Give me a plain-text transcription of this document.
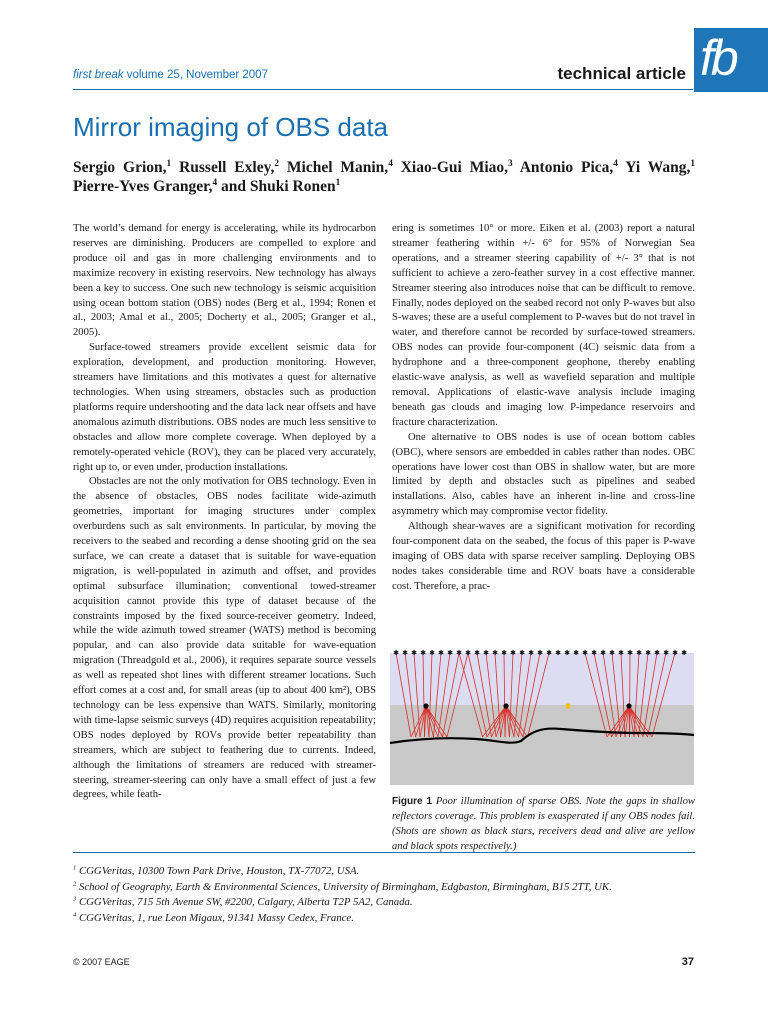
first break volume 25, November 2007	technical article fb
Mirror imaging of OBS data
Sergio Grion,$^1$ Russell Exley,$^2$ Michel Manin,$^4$ Xiao-Gui Miao,$^3$ Antonio Pica,$^4$ Yi Wang,$^1$
Pierre-Yves Granger,$^4$ and Shuki Ronen$^1$

The world’s demand for energy is accelerating, while its hydrocarbon reserves are diminishing. Producers are compelled to explore and produce oil and gas in more challenging environments and to maximize recovery in existing reservoirs. New technology has always been a key to success. One such new technology is seismic acquisition using ocean bottom station (OBS) nodes (Berg et al., 1994; Ronen et al., 2003; Amal et al., 2005; Docherty et al., 2005; Granger et al., 2005).

Surface-towed streamers provide excellent seismic data for exploration, development, and production monitoring. However, streamers have limitations and this motivates a quest for alternative technologies. When using streamers, obstacles such as production platforms require undershooting and the data lack near offsets and have anomalous azimuth distributions. OBS nodes are much less sensitive to obstacles and allow more complete coverage. When deployed by a remotely-operated vehicle (ROV), they can be placed very accurately, right up to, or even under, production installations.

Obstacles are not the only motivation for OBS technology. Even in the absence of obstacles, OBS nodes facilitate wide-azimuth geometries, important for imaging structures under complex overburdens such as salt environments. In particular, by moving the receivers to the seabed and recording a dense shooting grid on the sea surface, we can create a dataset that is suitable for wave-equation migration, is well-populated in azimuth and offset, and provides optimal subsurface illumination; conventional towed-streamer acquisition cannot provide this type of dataset because of the constraints imposed by the fixed source-receiver geometry. Indeed, while the wide azimuth towed streamer (WATS) method is becoming popular, and can also provide data suitable for wave-equation migration (Threadgold et al., 2006), it requires separate source vessels as well as repeated shot lines with different streamer locations. Such effort comes at a cost and, for small areas (up to about 400 km²), OBS technology can be less expensive than WATS. Similarly, monitoring with time-lapse seismic surveys (4D) requires acquisition repeatability; OBS nodes deployed by ROVs provide better repeatability than streamers, which are subject to feathering due to currents. Indeed, although the limitations of streamers are reduced with streamer-steering, streamer-steering can only have a small effect of just a few degrees, while feath-

ering is sometimes 10° or more. Eiken et al. (2003) report a natural streamer feathering within +/- 6° for 95% of Norwegian Sea operations, and a streamer steering capability of +/- 3° that is not sufficient to achieve a zero-feather survey in a cost effective manner. Streamer steering also introduces noise that can be difficult to remove. Finally, nodes deployed on the seabed record not only P-waves but also S-waves; these are a useful complement to P-waves but do not travel in water, and therefore cannot be recorded by surface-towed streamers. OBS nodes can provide four-component (4C) seismic data from a hydrophone and a three-component geophone, thereby enabling elastic-wave analysis, as well as wavefield separation and multiple removal. Applications of elastic-wave analysis include imaging beneath gas clouds and imaging low P-impedance reservoirs and fracture characterization.

One alternative to OBS nodes is use of ocean bottom cables (OBC), where sensors are embedded in cables rather than nodes. OBC operations have lower cost than OBS in shallow water, but are more limited by depth and obstacles such as pipelines and seabed installations. Also, cables have an inherent in-line and cross-line asymmetry which may compromise vector fidelity.

Although shear-waves are a significant motivation for recording four-component data on the seabed, the focus of this paper is P-wave imaging of OBS data with sparse receiver sampling. Deploying OBS nodes takes considerable time and ROV boats have a considerable cost. Therefore, a prac-

✱ ✱ ✱ ✱ ✱ ✱ ✱ ✱ ✱ ✱ ✱ ✱ ✱ ✱ ✱ ✱ ✱ ✱ ✱ ✱ ✱ ✱ ✱ ✱ ✱ ✱ ✱ ✱ ✱ ✱ ✱ ✱ ✱
Figure 1 Poor illumination of sparse OBS. Note the gaps in shallow reflectors coverage. This problem is exasperated if any OBS nodes fail. (Shots are shown as black stars, receivers dead and alive are yellow and black spots respectively.)
$^1$ CGGVeritas, 10300 Town Park Drive, Houston, TX-77072, USA.
$^2$ School of Geography, Earth & Environmental Sciences, University of Birmingham, Edgbaston, Birmingham, B15 2TT, UK.
$^3$ CGGVeritas, 715 5th Avenue SW, #2200, Calgary, Alberta T2P 5A2, Canada.
$^4$ CGGVeritas, 1, rue Leon Migaux, 91341 Massy Cedex, France.
© 2007 EAGE	37
